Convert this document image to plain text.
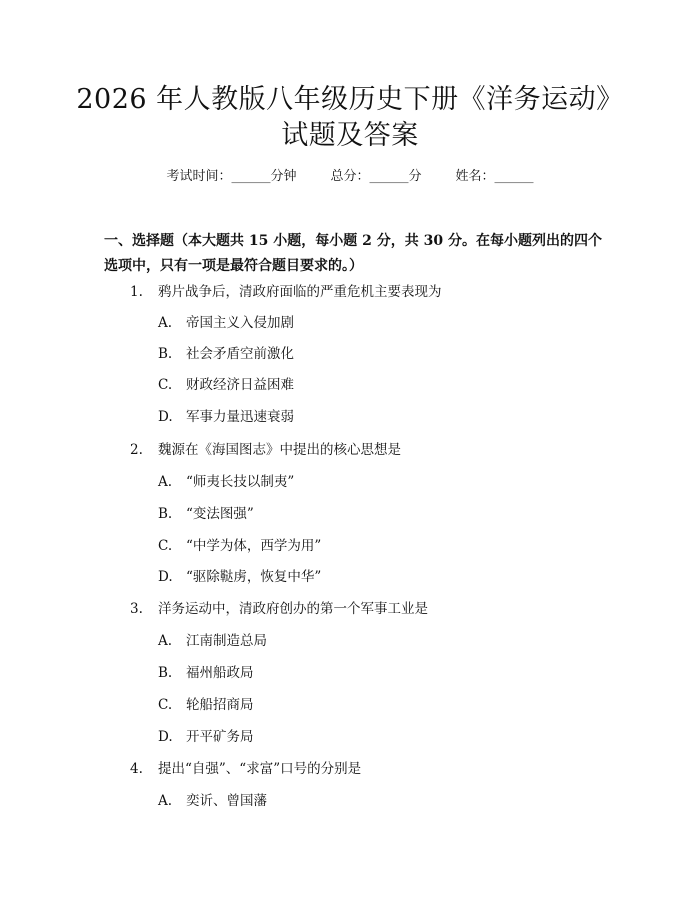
2026 年人教版八年级历史下册《洋务运动》
试题及答案
考试时间：______分钟	总分：______分	姓名：______
一、选择题（本大题共 15 小题，每小题 2 分，共 30 分。在每小题列出的四个选项中，只有一项是最符合题目要求的。）
1. 鸦片战争后，清政府面临的严重危机主要表现为
A. 帝国主义入侵加剧
B. 社会矛盾空前激化
C. 财政经济日益困难
D. 军事力量迅速衰弱
2. 魏源在《海国图志》中提出的核心思想是
A. “师夷长技以制夷”
B. “变法图强”
C. “中学为体，西学为用”
D. “驱除鞑虏，恢复中华”
3. 洋务运动中，清政府创办的第一个军事工业是
A. 江南制造总局
B. 福州船政局
C. 轮船招商局
D. 开平矿务局
4. 提出“自强”、“求富”口号的分别是
A. 奕䜣、曾国藩
